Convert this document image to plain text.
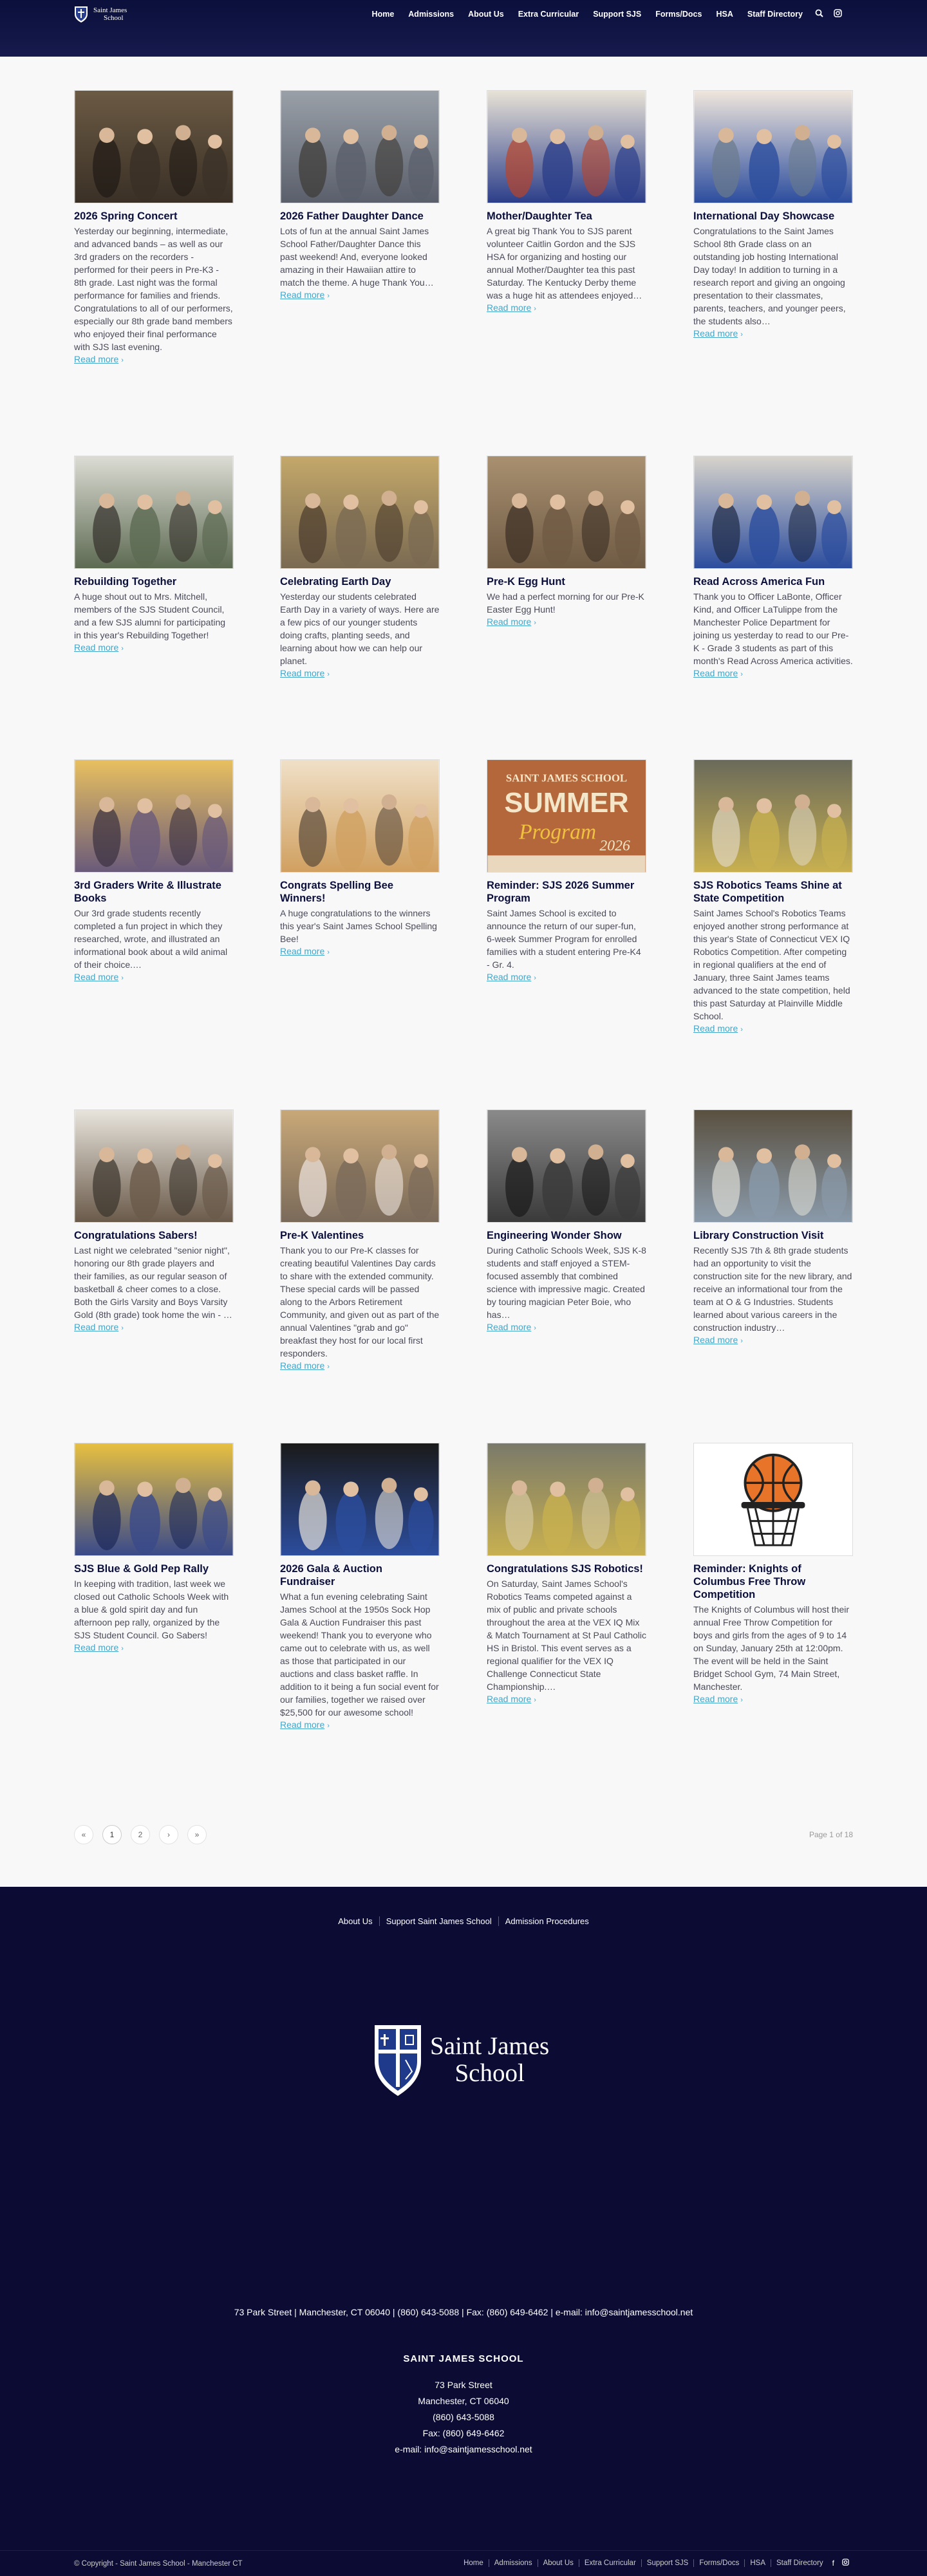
Saint James
School	Home	Admissions	About Us	Extra Curricular	Support SJS	Forms/Docs	HSA	Staff Directory
2026 Spring Concert
Yesterday our beginning, intermediate, and advanced bands – as well as our 3rd graders on the recorders - performed for their peers in Pre-K3 - 8th grade. Last night was the formal performance for families and friends. Congratulations to all of our performers, especially our 8th grade band members who enjoyed their final performance with SJS last evening.
Read more ›
2026 Father Daughter Dance
Lots of fun at the annual Saint James School Father/Daughter Dance this past weekend! And, everyone looked amazing in their Hawaiian attire to match the theme. A huge Thank You…
Read more ›
Mother/Daughter Tea
A great big Thank You to SJS parent volunteer Caitlin Gordon and the SJS HSA for organizing and hosting our annual Mother/Daughter tea this past Saturday. The Kentucky Derby theme was a huge hit as attendees enjoyed…
Read more ›
International Day Showcase
Congratulations to the Saint James School 8th Grade class on an outstanding job hosting International Day today! In addition to turning in a research report and giving an ongoing presentation to their classmates, parents, teachers, and younger peers, the students also…
Read more ›
Rebuilding Together
A huge shout out to Mrs. Mitchell, members of the SJS Student Council, and a few SJS alumni for participating in this year's Rebuilding Together!
Read more ›
Celebrating Earth Day
Yesterday our students celebrated Earth Day in a variety of ways. Here are a few pics of our younger students doing crafts, planting seeds, and learning about how we can help our planet.
Read more ›
Pre-K Egg Hunt
We had a perfect morning for our Pre-K Easter Egg Hunt!
Read more ›
Read Across America Fun
Thank you to Officer LaBonte, Officer Kind, and Officer LaTulippe from the Manchester Police Department for joining us yesterday to read to our Pre-K - Grade 3 students as part of this month's Read Across America activities.
Read more ›
3rd Graders Write & Illustrate Books
Our 3rd grade students recently completed a fun project in which they researched, wrote, and illustrated an informational book about a wild animal of their choice.…
Read more ›
Congrats Spelling Bee Winners!
A huge congratulations to the winners this year's Saint James School Spelling Bee!
Read more ›
SAINT JAMES SCHOOL
SUMMER
Program
2026
Reminder: SJS 2026 Summer Program
Saint James School is excited to announce the return of our super-fun, 6-week Summer Program for enrolled families with a student entering Pre-K4 - Gr. 4.
Read more ›
SJS Robotics Teams Shine at State Competition
Saint James School's Robotics Teams enjoyed another strong performance at this year's State of Connecticut VEX IQ Robotics Competition. After competing in regional qualifiers at the end of January, three Saint James teams advanced to the state competition, held this past Saturday at Plainville Middle School.
Read more ›
Congratulations Sabers!
Last night we celebrated "senior night", honoring our 8th grade players and their families, as our regular season of basketball & cheer comes to a close. Both the Girls Varsity and Boys Varsity Gold (8th grade) took home the win - …
Read more ›
Pre-K Valentines
Thank you to our Pre-K classes for creating beautiful Valentines Day cards to share with the extended community. These special cards will be passed along to the Arbors Retirement Community, and given out as part of the annual Valentines "grab and go" breakfast they host for our local first responders.
Read more ›
Engineering Wonder Show
During Catholic Schools Week, SJS K-8 students and staff enjoyed a STEM-focused assembly that combined science with impressive magic. Created by touring magician Peter Boie, who has…
Read more ›
Library Construction Visit
Recently SJS 7th & 8th grade students had an opportunity to visit the construction site for the new library, and receive an informational tour from the team at O & G Industries. Students learned about various careers in the construction industry…
Read more ›
SJS Blue & Gold Pep Rally
In keeping with tradition, last week we closed out Catholic Schools Week with a blue & gold spirit day and fun afternoon pep rally, organized by the SJS Student Council. Go Sabers!
Read more ›
2026 Gala & Auction Fundraiser
What a fun evening celebrating Saint James School at the 1950s Sock Hop Gala & Auction Fundraiser this past weekend! Thank you to everyone who came out to celebrate with us, as well as those that participated in our auctions and class basket raffle. In addition to it being a fun social event for our families, together we raised over $25,500 for our awesome school!
Read more ›
Congratulations SJS Robotics!
On Saturday, Saint James School's Robotics Teams competed against a mix of public and private schools throughout the area at the VEX IQ Mix & Match Tournament at St Paul Catholic HS in Bristol. This event serves as a regional qualifier for the VEX IQ Challenge Connecticut State Championship.…
Read more ›
Reminder: Knights of Columbus Free Throw Competition
The Knights of Columbus will host their annual Free Throw Competition for boys and girls from the ages of 9 to 14 on Sunday, January 25th at 12:00pm. The event will be held in the Saint Bridget School Gym, 74 Main Street, Manchester.
Read more ›
«	1	2	›	»	Page 1 of 18
About Us	Support Saint James School	Admission Procedures
Saint James
School
73 Park Street | Manchester, CT 06040 | (860) 643-5088 | Fax: (860) 649-6462 | e-mail: info@saintjamesschool.net
SAINT JAMES SCHOOL
73 Park Street
Manchester, CT 06040
(860) 643-5088
Fax: (860) 649-6462
e-mail: info@saintjamesschool.net
© Copyright - Saint James School - Manchester CT	Home	Admissions	About Us	Extra Curricular	Support SJS	Forms/Docs	HSA	Staff Directory	f
